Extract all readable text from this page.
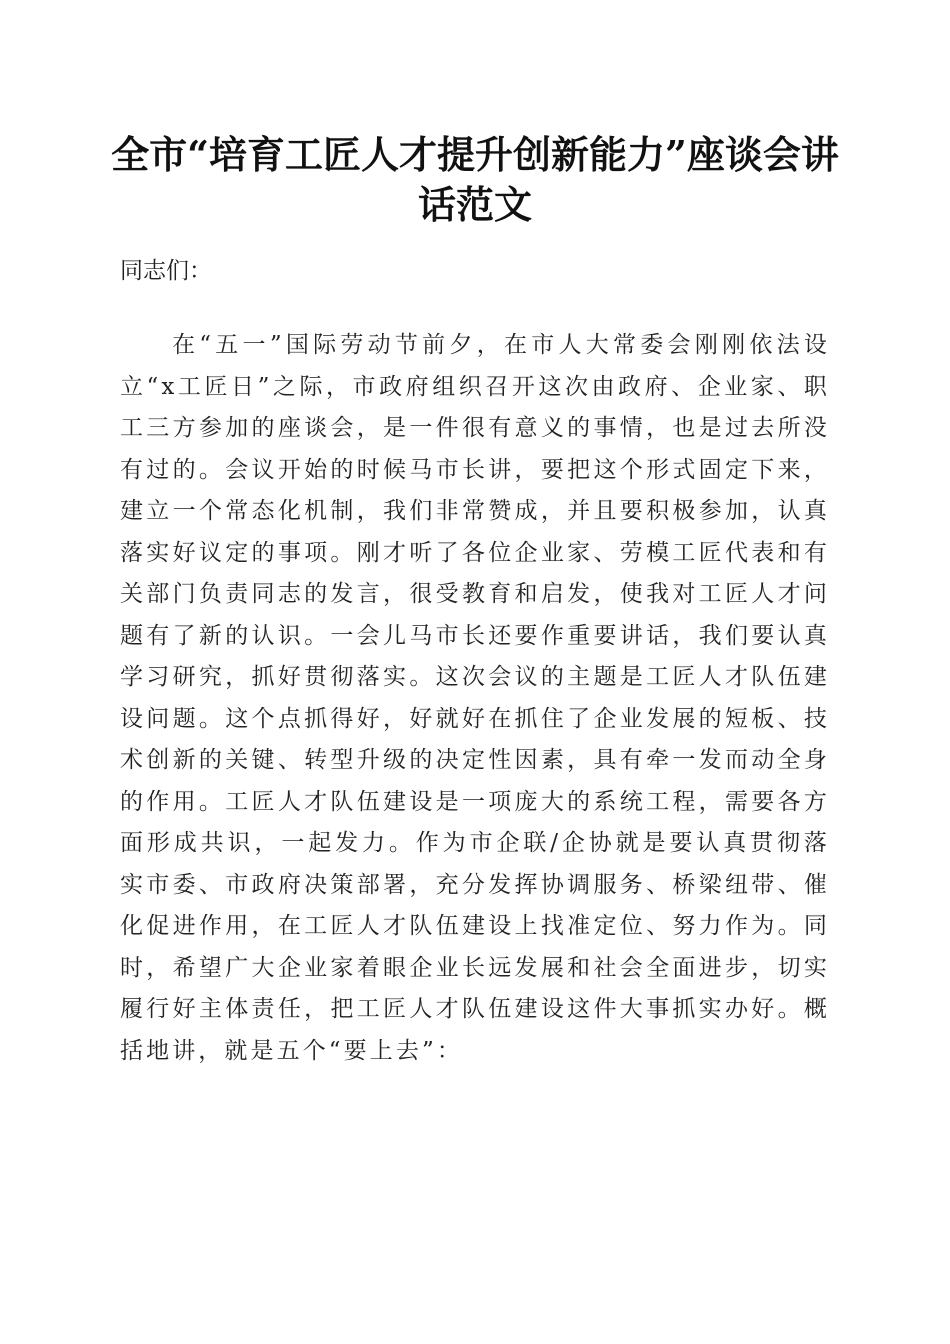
全市“培育工匠人才提升创新能力”座谈会讲话范文

同志们：

在“五一”国际劳动节前夕，在市人大常委会刚刚依法设立“x工匠日”之际，市政府组织召开这次由政府、企业家、职工三方参加的座谈会，是一件很有意义的事情，也是过去所没有过的。会议开始的时候马市长讲，要把这个形式固定下来，建立一个常态化机制，我们非常赞成，并且要积极参加，认真落实好议定的事项。刚才听了各位企业家、劳模工匠代表和有关部门负责同志的发言，很受教育和启发，使我对工匠人才问题有了新的认识。一会儿马市长还要作重要讲话，我们要认真学习研究，抓好贯彻落实。这次会议的主题是工匠人才队伍建设问题。这个点抓得好，好就好在抓住了企业发展的短板、技术创新的关键、转型升级的决定性因素，具有牵一发而动全身的作用。工匠人才队伍建设是一项庞大的系统工程，需要各方面形成共识，一起发力。作为市企联/企协就是要认真贯彻落实市委、市政府决策部署，充分发挥协调服务、桥梁纽带、催化促进作用，在工匠人才队伍建设上找准定位、努力作为。同时，希望广大企业家着眼企业长远发展和社会全面进步，切实履行好主体责任，把工匠人才队伍建设这件大事抓实办好。概括地讲，就是五个“要上去”：
